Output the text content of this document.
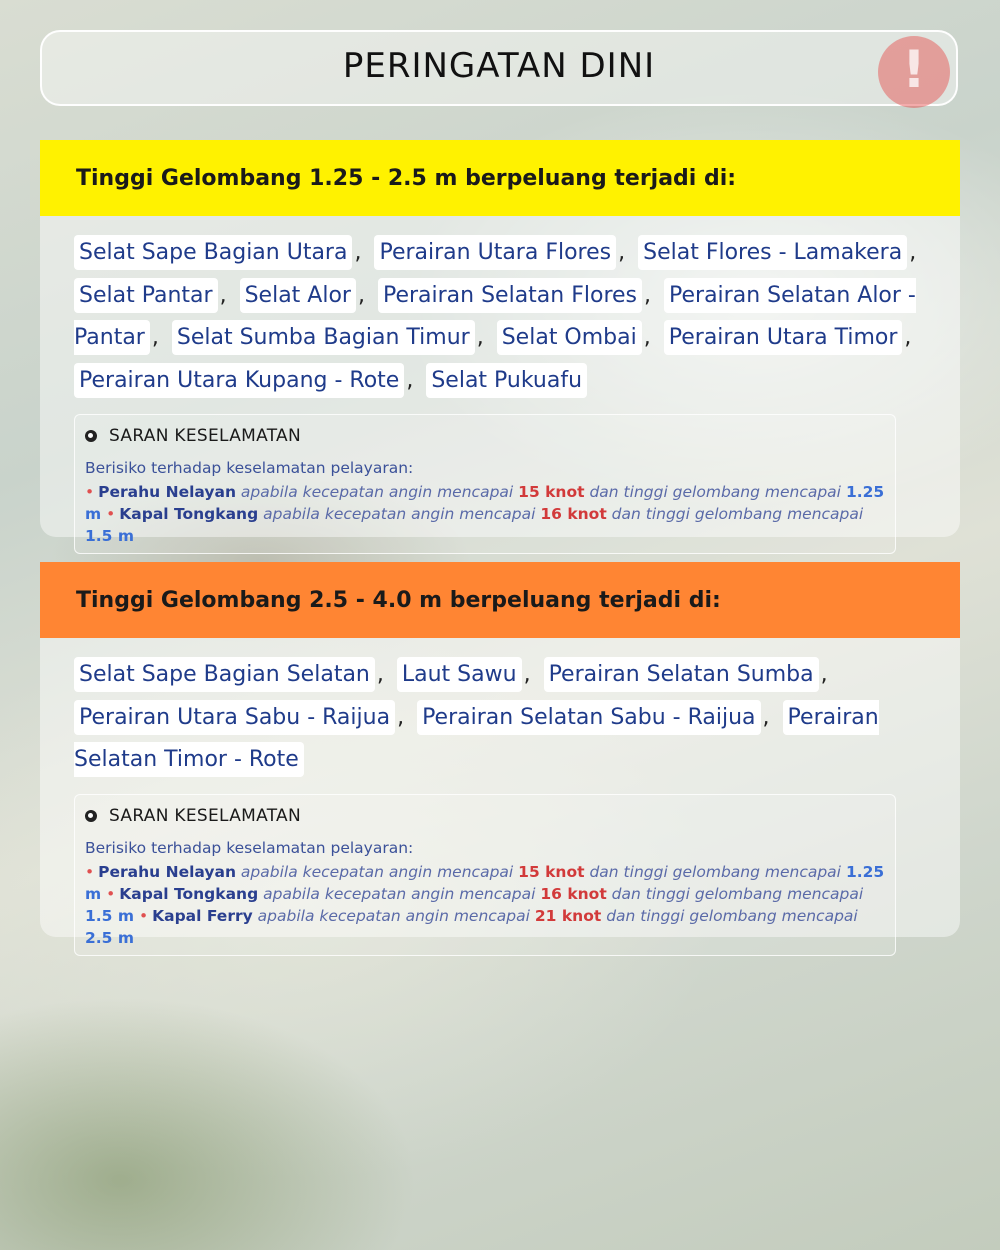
!
PERINGATAN DINI
Tinggi Gelombang 1.25 - 2.5 m berpeluang terjadi di:
Selat Sape Bagian Utara , Perairan Utara Flores , Selat Flores - Lamakera , Selat Pantar , Selat Alor , Perairan Selatan Flores , Perairan Selatan Alor - Pantar , Selat Sumba Bagian Timur , Selat Ombai , Perairan Utara Timor , Perairan Utara Kupang - Rote , Selat Pukuafu
SARAN KESELAMATAN
Berisiko terhadap keselamatan pelayaran:
• Perahu Nelayan apabila kecepatan angin mencapai 15 knot dan tinggi gelombang mencapai 1.25 m • Kapal Tongkang apabila kecepatan angin mencapai 16 knot dan tinggi gelombang mencapai 1.5 m
Tinggi Gelombang 2.5 - 4.0 m berpeluang terjadi di:
Selat Sape Bagian Selatan , Laut Sawu , Perairan Selatan Sumba , Perairan Utara Sabu - Raijua , Perairan Selatan Sabu - Raijua , Perairan Selatan Timor - Rote
SARAN KESELAMATAN
Berisiko terhadap keselamatan pelayaran:
• Perahu Nelayan apabila kecepatan angin mencapai 15 knot dan tinggi gelombang mencapai 1.25 m • Kapal Tongkang apabila kecepatan angin mencapai 16 knot dan tinggi gelombang mencapai 1.5 m • Kapal Ferry apabila kecepatan angin mencapai 21 knot dan tinggi gelombang mencapai 2.5 m
